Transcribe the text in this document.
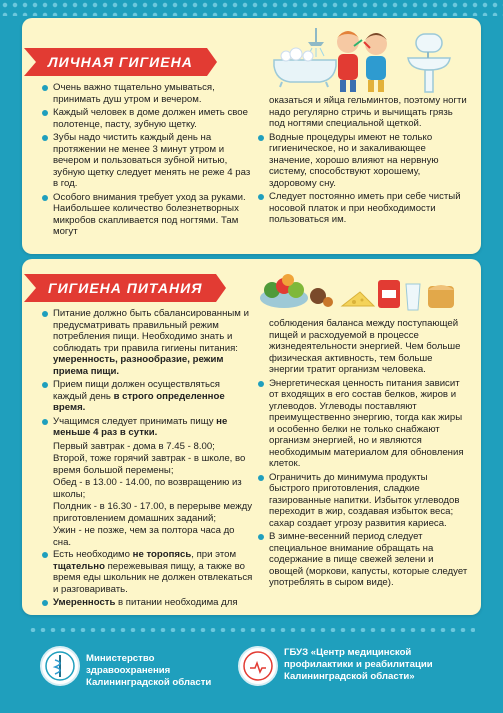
ЛИЧНАЯ ГИГИЕНА
Очень важно тщательно умываться, принимать душ утром и вечером.
Каждый человек в доме должен иметь свое полотенце, пасту, зубную щетку.
Зубы надо чистить каждый день на протяжении не менее 3 минут утром и вечером и пользоваться зубной нитью, зубную щетку следует менять не реже 4 раз в год.
Особого внимания требует уход за руками. Наибольшее количество болезнетворных микробов скапливается под ногтями. Там могут
оказаться и яйца гельминтов, поэтому ногти надо регулярно стричь и вычищать грязь под ногтями специальной щеткой.
Водные процедуры имеют не только гигиеническое, но и закаливающее значение, хорошо влияют на нервную систему, способствуют хорошему, здоровому сну.
Следует постоянно иметь при себе чистый носовой платок и при необходимости пользоваться им.
ГИГИЕНА ПИТАНИЯ
Питание должно быть сбалансированным и предусматривать правильный режим потребления пищи. Необходимо знать и соблюдать три правила гигиены питания: умеренность, разнообразие, режим приема пищи.
Прием пищи должен осуществляться каждый день в строго определенное время.
Учащимся следует принимать пищу не меньше 4 раз в сутки.
Первый завтрак - дома в 7.45 - 8.00;
Второй, тоже горячий завтрак - в школе, во время большой перемены;
Обед - в 13.00 - 14.00, по возвращению из школы;
Полдник - в 16.30 - 17.00, в перерыве между приготовлением домашних заданий;
Ужин - не позже, чем за полтора часа до сна.
Есть необходимо не торопясь, при этом тщательно пережевывая пищу, а также во время еды школьник не должен отвлекаться и разговаривать.
Умеренность в питании необходима для
соблюдения баланса между поступающей пищей и расходуемой в процессе жизнедеятельности энергией. Чем больше физическая активность, тем больше энергии тратит организм человека.
Энергетическая ценность питания зависит от входящих в его состав белков, жиров и углеводов. Углеводы поставляют преимущественно энергию, тогда как жиры и особенно белки не только снабжают организм энергией, но и являются необходимым материалом для обновления клеток.
Ограничить до минимума продукты быстрого приготовления, сладкие газированные напитки. Избыток углеводов переходит в жир, создавая избыток веса; сахар создает угрозу развития кариеса.
В зимне-весенний период следует специальное внимание обращать на содержание в пище свежей зелени и овощей (моркови, капусты, которые следует употреблять в сыром виде).
Министерство здравоохранения Калининградской области
ГБУЗ «Центр медицинской профилактики и реабилитации Калининградской области»
